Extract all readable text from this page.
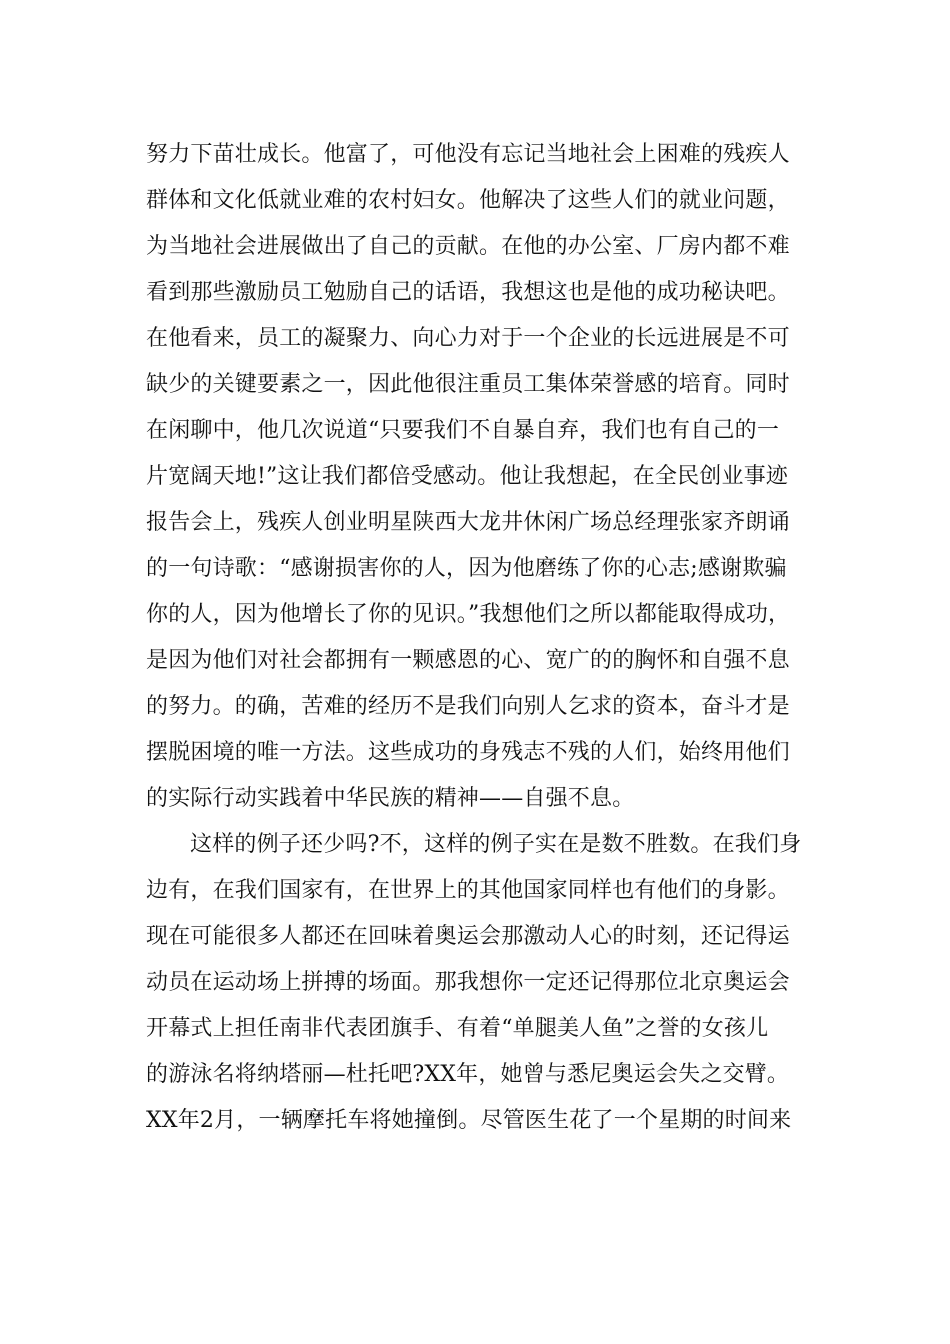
努力下苗壮成长。他富了，可他没有忘记当地社会上困难的残疾人
群体和文化低就业难的农村妇女。他解决了这些人们的就业问题，
为当地社会进展做出了自己的贡献。在他的办公室、厂房内都不难
看到那些激励员工勉励自己的话语，我想这也是他的成功秘诀吧。
在他看来，员工的凝聚力、向心力对于一个企业的长远进展是不可
缺少的关键要素之一，因此他很注重员工集体荣誉感的培育。同时
在闲聊中，他几次说道“只要我们不自暴自弃，我们也有自己的一
片宽阔天地!”这让我们都倍受感动。他让我想起，在全民创业事迹
报告会上，残疾人创业明星陕西大龙井休闲广场总经理张家齐朗诵
的一句诗歌：“感谢损害你的人，因为他磨练了你的心志;感谢欺骗
你的人，因为他增长了你的见识。”我想他们之所以都能取得成功，
是因为他们对社会都拥有一颗感恩的心、宽广的的胸怀和自强不息
的努力。的确，苦难的经历不是我们向别人乞求的资本，奋斗才是
摆脱困境的唯一方法。这些成功的身残志不残的人们，始终用他们
的实际行动实践着中华民族的精神——自强不息。
这样的例子还少吗?不，这样的例子实在是数不胜数。在我们身
边有，在我们国家有，在世界上的其他国家同样也有他们的身影。
现在可能很多人都还在回味着奥运会那激动人心的时刻，还记得运
动员在运动场上拼搏的场面。那我想你一定还记得那位北京奥运会
开幕式上担任南非代表团旗手、有着“单腿美人鱼”之誉的女孩儿
的游泳名将纳塔丽—杜托吧?XX年，她曾与悉尼奥运会失之交臂。
XX年2月，一辆摩托车将她撞倒。尽管医生花了一个星期的时间来
